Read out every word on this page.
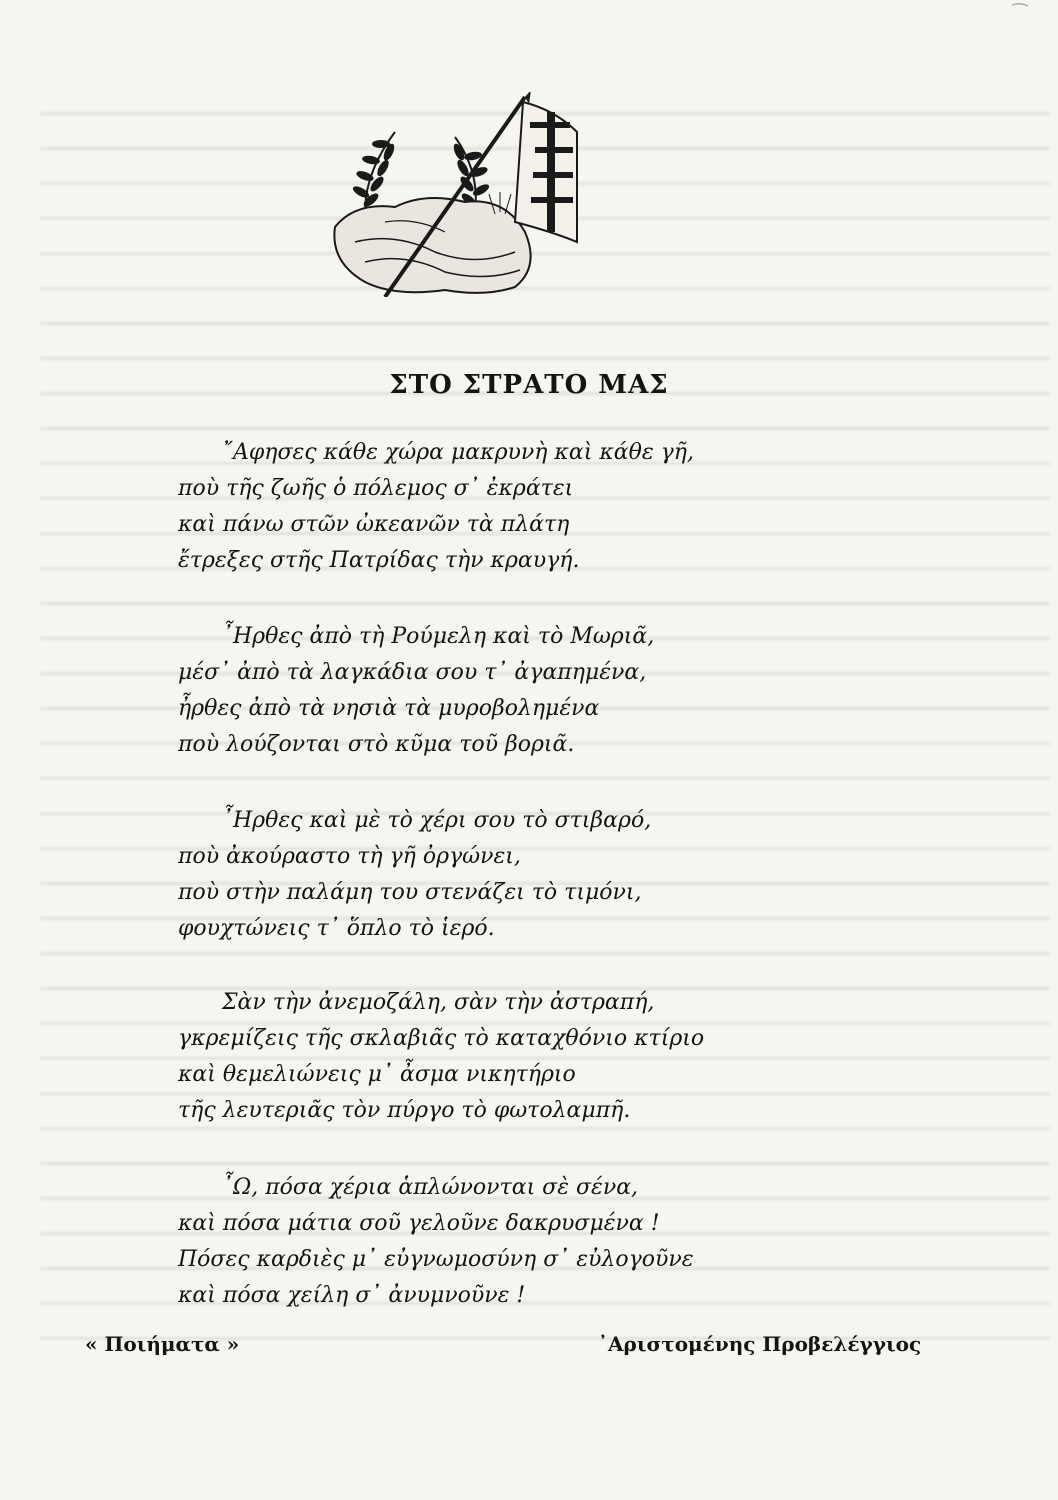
ΣΤΟ ΣΤΡΑΤΟ ΜΑΣ
῎Αφησες κάθε χώρα μακρυνὴ καὶ κάθε γῆ,
ποὺ τῆς ζωῆς ὁ πόλεμος σ᾿ ἐκράτει
καὶ πάνω στῶν ὠκεανῶν τὰ πλάτη
ἔτρεξες στῆς Πατρίδας τὴν κραυγή.
῏Ηρθες ἀπὸ τὴ Ρούμελη καὶ τὸ Μωριᾶ,
μέσ᾿ ἀπὸ τὰ λαγκάδια σου τ᾿ ἀγαπημένα,
ἦρθες ἀπὸ τὰ νησιὰ τὰ μυροβολημένα
ποὺ λούζονται στὸ κῦμα τοῦ βοριᾶ.
῏Ηρθες καὶ μὲ τὸ χέρι σου τὸ στιβαρό,
ποὺ ἀκούραστο τὴ γῆ ὀργώνει,
ποὺ στὴν παλάμη του στενάζει τὸ τιμόνι,
φουχτώνεις τ᾿ ὅπλο τὸ ἱερό.
Σὰν τὴν ἀνεμοζάλη, σὰν τὴν ἀστραπή,
γκρεμίζεις τῆς σκλαβιᾶς τὸ καταχθόνιο κτίριο
καὶ θεμελιώνεις μ᾿ ἆσμα νικητήριο
τῆς λευτεριᾶς τὸν πύργο τὸ φωτολαμπῆ.
῏Ω, πόσα χέρια ἁπλώνονται σὲ σένα,
καὶ πόσα μάτια σοῦ γελοῦνε δακρυσμένα !
Πόσες καρδιὲς μ᾿ εὐγνωμοσύνη σ᾿ εὐλογοῦνε
καὶ πόσα χείλη σ᾿ ἀνυμνοῦνε !
« Ποιήματα »	᾿Αριστομένης Προβελέγγιος
